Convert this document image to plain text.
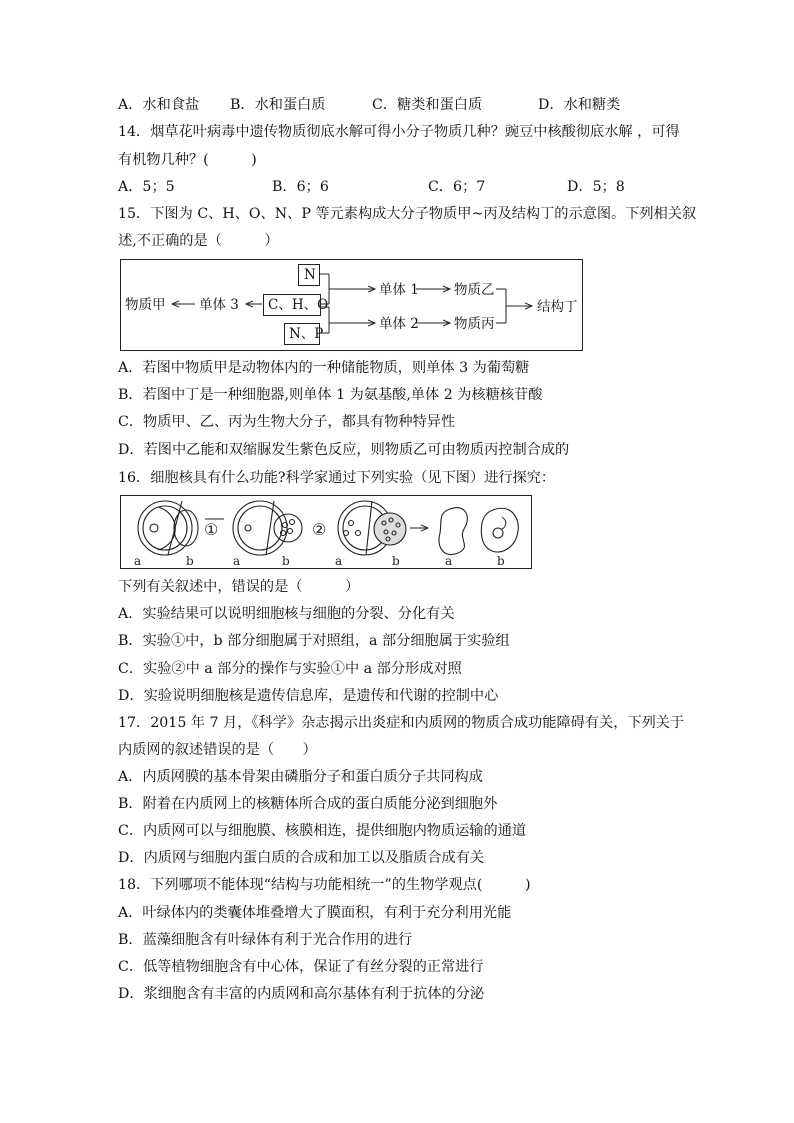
A．水和食盐 B．水和蛋白质	C．糖类和蛋白质	D．水和糖类
14．烟草花叶病毒中遗传物质彻底水解可得小分子物质几种？豌豆中核酸彻底水解 ，可得
有机物几种？(　　　)
A．5；5	B．6；6	C．6；7	D．5；8
15．下图为 C、H、O、N、P 等元素构成大分子物质甲~丙及结构丁的示意图。下列相关叙
述,不正确的是（　　　）
N
C、H、O
N、P
物质甲 单体 3
单体 1
单体 2
物质乙
物质丙
结构丁
A．若图中物质甲是动物体内的一种储能物质，则单体 3 为葡萄糖
B．若图中丁是一种细胞器,则单体 1 为氨基酸,单体 2 为核糖核苷酸
C．物质甲、乙、丙为生物大分子，都具有物种特异性
D．若图中乙能和双缩脲发生紫色反应，则物质乙可由物质丙控制合成的
16．细胞核具有什么功能?科学家通过下列实验（见下图）进行探究：
①	②
a	b	a	b	a	b	a	b
下列有关叙述中，错误的是（　　　）
A．实验结果可以说明细胞核与细胞的分裂、分化有关
B．实验①中，b 部分细胞属于对照组，a 部分细胞属于实验组
C．实验②中 a 部分的操作与实验①中 a 部分形成对照
D．实验说明细胞核是遗传信息库，是遗传和代谢的控制中心
17．2015 年 7 月，《科学》杂志揭示出炎症和内质网的物质合成功能障碍有关，下列关于
内质网的叙述错误的是（　　）
A．内质网膜的基本骨架由磷脂分子和蛋白质分子共同构成
B．附着在内质网上的核糖体所合成的蛋白质能分泌到细胞外
C．内质网可以与细胞膜、核膜相连，提供细胞内物质运输的通道
D．内质网与细胞内蛋白质的合成和加工以及脂质合成有关
18．下列哪项不能体现“结构与功能相统一”的生物学观点(　　　)
A．叶绿体内的类囊体堆叠增大了膜面积，有利于充分利用光能
B．蓝藻细胞含有叶绿体有利于光合作用的进行
C．低等植物细胞含有中心体，保证了有丝分裂的正常进行
D．浆细胞含有丰富的内质网和高尔基体有利于抗体的分泌
